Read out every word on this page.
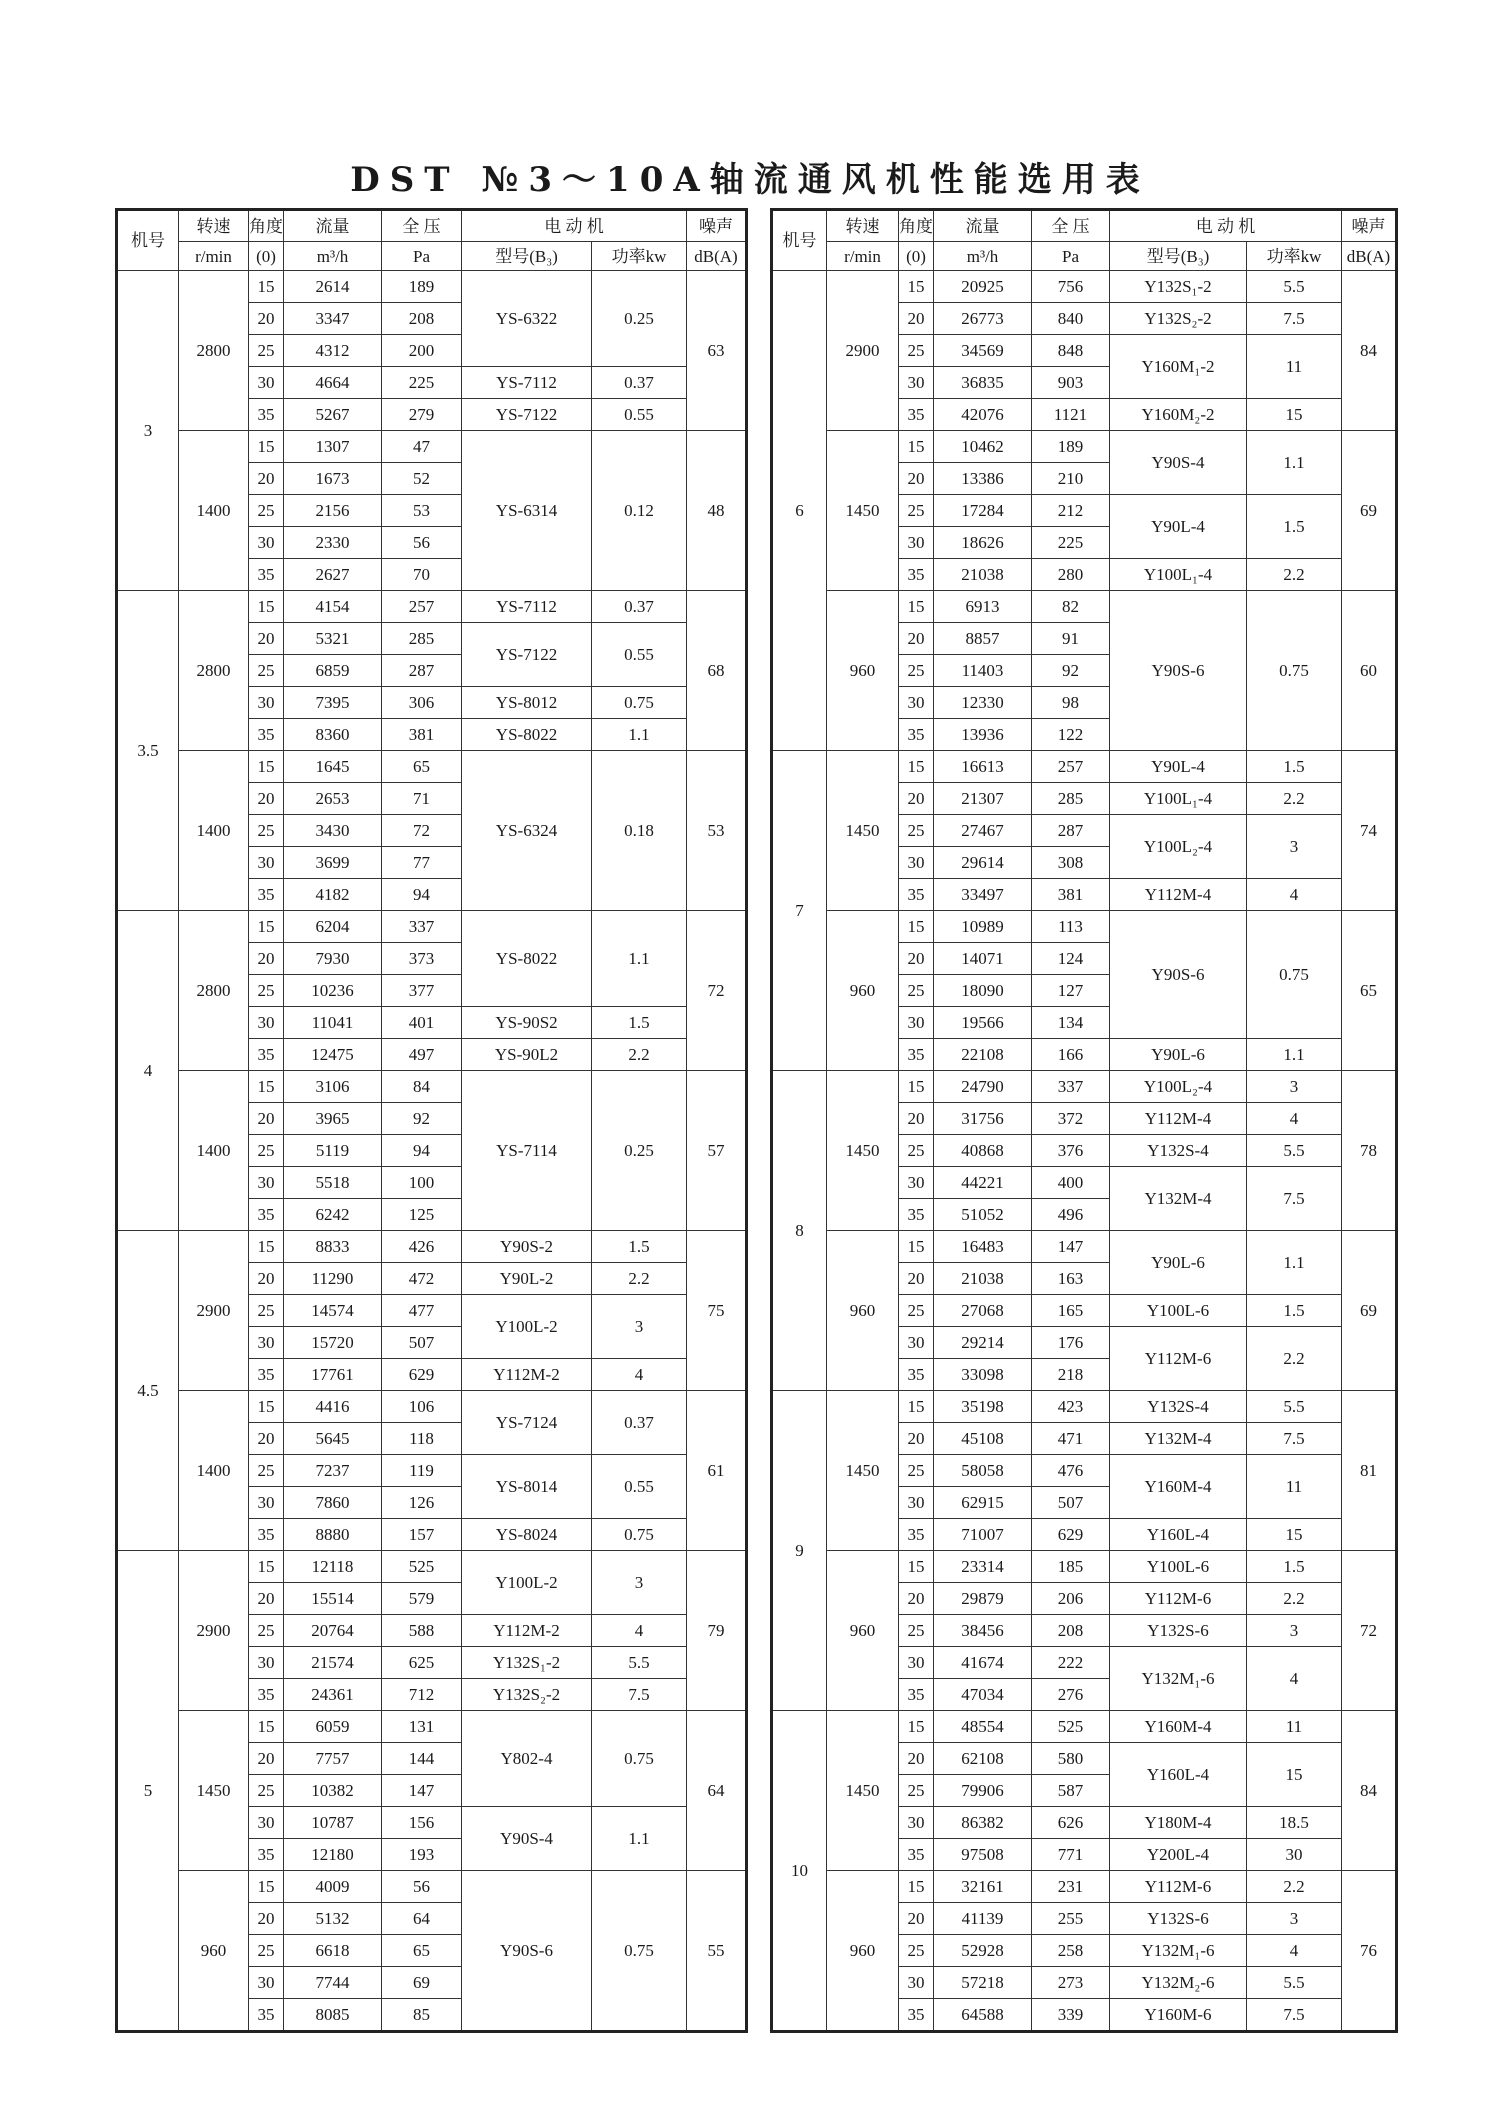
DST №3～10A轴流通风机性能选用表
机号	转速	角度	流量	全 压	电 动 机		噪声
	r/min	(0)	m³/h	Pa	型号(B₃)	功率kw	dB(A)
3	2800	15	2614	189	YS-6322	0.25	63
		20	3347	208			
		25	4312	200			
		30	4664	225	YS-7112	0.37	
		35	5267	279	YS-7122	0.55	
	1400	15	1307	47	YS-6314	0.12	48
		20	1673	52			
		25	2156	53			
		30	2330	56			
		35	2627	70			
3.5	2800	15	4154	257	YS-7112	0.37	68
		20	5321	285	YS-7122	0.55	
		25	6859	287			
		30	7395	306	YS-8012	0.75	
		35	8360	381	YS-8022	1.1	
	1400	15	1645	65	YS-6324	0.18	53
		20	2653	71			
		25	3430	72			
		30	3699	77			
		35	4182	94			
4	2800	15	6204	337	YS-8022	1.1	72
		20	7930	373			
		25	10236	377			
		30	11041	401	YS-90S2	1.5	
		35	12475	497	YS-90L2	2.2	
	1400	15	3106	84	YS-7114	0.25	57
		20	3965	92			
		25	5119	94			
		30	5518	100			
		35	6242	125			
4.5	2900	15	8833	426	Y90S-2	1.5	75
		20	11290	472	Y90L-2	2.2	
		25	14574	477	Y100L-2	3	
		30	15720	507			
		35	17761	629	Y112M-2	4	
	1400	15	4416	106	YS-7124	0.37	61
		20	5645	118			
		25	7237	119	YS-8014	0.55	
		30	7860	126			
		35	8880	157	YS-8024	0.75	
5	2900	15	12118	525	Y100L-2	3	79
		20	15514	579			
		25	20764	588	Y112M-2	4	
		30	21574	625	Y132S₁-2	5.5	
		35	24361	712	Y132S₂-2	7.5	
	1450	15	6059	131	Y802-4	0.75	64
		20	7757	144			
		25	10382	147			
		30	10787	156	Y90S-4	1.1	
		35	12180	193			
	960	15	4009	56	Y90S-6	0.75	55
		20	5132	64			
		25	6618	65			
		30	7744	69			
		35	8085	85			
机号	转速	角度	流量	全 压	电 动 机		噪声
	r/min	(0)	m³/h	Pa	型号(B₃)	功率kw	dB(A)
6	2900	15	20925	756	Y132S₁-2	5.5	84
		20	26773	840	Y132S₂-2	7.5	
		25	34569	848	Y160M₁-2	11	
		30	36835	903			
		35	42076	1121	Y160M₂-2	15	
	1450	15	10462	189	Y90S-4	1.1	69
		20	13386	210			
		25	17284	212	Y90L-4	1.5	
		30	18626	225			
		35	21038	280	Y100L₁-4	2.2	
	960	15	6913	82	Y90S-6	0.75	60
		20	8857	91			
		25	11403	92			
		30	12330	98			
		35	13936	122			
7	1450	15	16613	257	Y90L-4	1.5	74
		20	21307	285	Y100L₁-4	2.2	
		25	27467	287	Y100L₂-4	3	
		30	29614	308			
		35	33497	381	Y112M-4	4	
	960	15	10989	113	Y90S-6	0.75	65
		20	14071	124			
		25	18090	127			
		30	19566	134			
		35	22108	166	Y90L-6	1.1	
8	1450	15	24790	337	Y100L₂-4	3	78
		20	31756	372	Y112M-4	4	
		25	40868	376	Y132S-4	5.5	
		30	44221	400	Y132M-4	7.5	
		35	51052	496			
	960	15	16483	147	Y90L-6	1.1	69
		20	21038	163			
		25	27068	165	Y100L-6	1.5	
		30	29214	176	Y112M-6	2.2	
		35	33098	218			
9	1450	15	35198	423	Y132S-4	5.5	81
		20	45108	471	Y132M-4	7.5	
		25	58058	476	Y160M-4	11	
		30	62915	507			
		35	71007	629	Y160L-4	15	
	960	15	23314	185	Y100L-6	1.5	72
		20	29879	206	Y112M-6	2.2	
		25	38456	208	Y132S-6	3	
		30	41674	222	Y132M₁-6	4	
		35	47034	276			
10	1450	15	48554	525	Y160M-4	11	84
		20	62108	580	Y160L-4	15	
		25	79906	587			
		30	86382	626	Y180M-4	18.5	
		35	97508	771	Y200L-4	30	
	960	15	32161	231	Y112M-6	2.2	76
		20	41139	255	Y132S-6	3	
		25	52928	258	Y132M₁-6	4	
		30	57218	273	Y132M₂-6	5.5	
		35	64588	339	Y160M-6	7.5	
